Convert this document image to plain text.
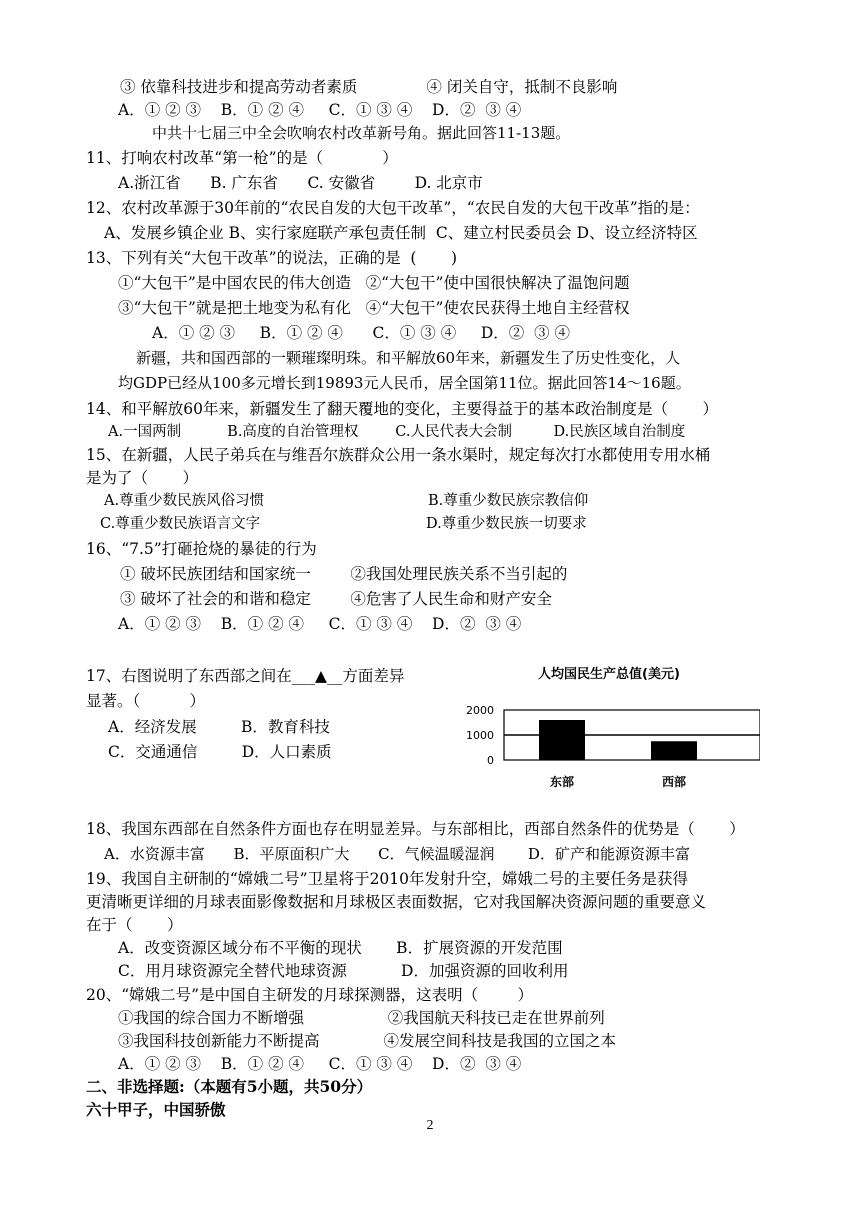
③ 依靠科技进步和提高劳动者素质              ④ 闭关自守，抵制不良影响
A．① ② ③    B．① ② ④     C．① ③ ④    D．②  ③ ④
中共十七届三中全会吹响农村改革新号角。据此回答11-13题。
11、打响农村改革“第一枪”的是（            ）
A.浙江省      B. 广东省      C. 安徽省        D. 北京市
12、农村改革源于30年前的“农民自发的大包干改革”，“农民自发的大包干改革”指的是：
A、发展乡镇企业 B、实行家庭联产承包责任制  C、建立村民委员会 D、设立经济特区
13、下列有关“大包干改革”的说法，正确的是  (       )
①“大包干”是中国农民的伟大创造   ②“大包干”使中国很快解决了温饱问题
③“大包干”就是把土地变为私有化   ④“大包干”使农民获得土地自主经营权
A．① ② ③     B．① ② ④      C．① ③ ④     D．②  ③ ④
新疆，共和国西部的一颗璀璨明珠。和平解放60年来，新疆发生了历史性变化，人
均GDP已经从100多元增长到19893元人民币，居全国第11位。据此回答14～16题。
14、和平解放60年来，新疆发生了翻天覆地的变化，主要得益于的基本政治制度是（       ）
A.一国两制          B.高度的自治管理权        C.人民代表大会制         D.民族区域自治制度
15、在新疆，人民子弟兵在与维吾尔族群众公用一条水渠时，规定每次打水都使用专用水桶
是为了（       ）
A.尊重少数民族风俗习惯	B.尊重少数民族宗教信仰
C.尊重少数民族语言文字	D.尊重少数民族一切要求
16、“7.5”打砸抢烧的暴徒的行为
① 破坏民族团结和国家统一        ②我国处理民族关系不当引起的
③ 破坏了社会的和谐和稳定        ④危害了人民生命和财产安全
A．① ② ③    B．① ② ④     C．① ③ ④    D．②  ③ ④
17、右图说明了东西部之间在___▲__方面差异
显著。（          ）
A．经济发展         B．教育科技
C．交通通信         D．人口素质
人均国民生产总值(美元)
2000
1000
0
东部	西部
18、我国东西部在自然条件方面也存在明显差异。与东部相比，西部自然条件的优势是（       ）
A．水资源丰富      B．平原面积广大      C．气候温暖湿润       D．矿产和能源资源丰富
19、我国自主研制的“嫦娥二号”卫星将于2010年发射升空，嫦娥二号的主要任务是获得
更清晰更详细的月球表面影像数据和月球极区表面数据，它对我国解决资源问题的重要意义
在于（       ）
A．改变资源区域分布不平衡的现状       B．扩展资源的开发范围
C．用月球资源完全替代地球资源           D．加强资源的回收利用
20、“嫦娥二号”是中国自主研发的月球探测器，这表明（        ）
①我国的综合国力不断增强                 ②我国航天科技已走在世界前列
③我国科技创新能力不断提高             ④发展空间科技是我国的立国之本
A．① ② ③    B．① ② ④     C．① ③ ④    D．②  ③ ④
二、非选择题:（本题有5小题，共50分）
六十甲子，中国骄傲
2
